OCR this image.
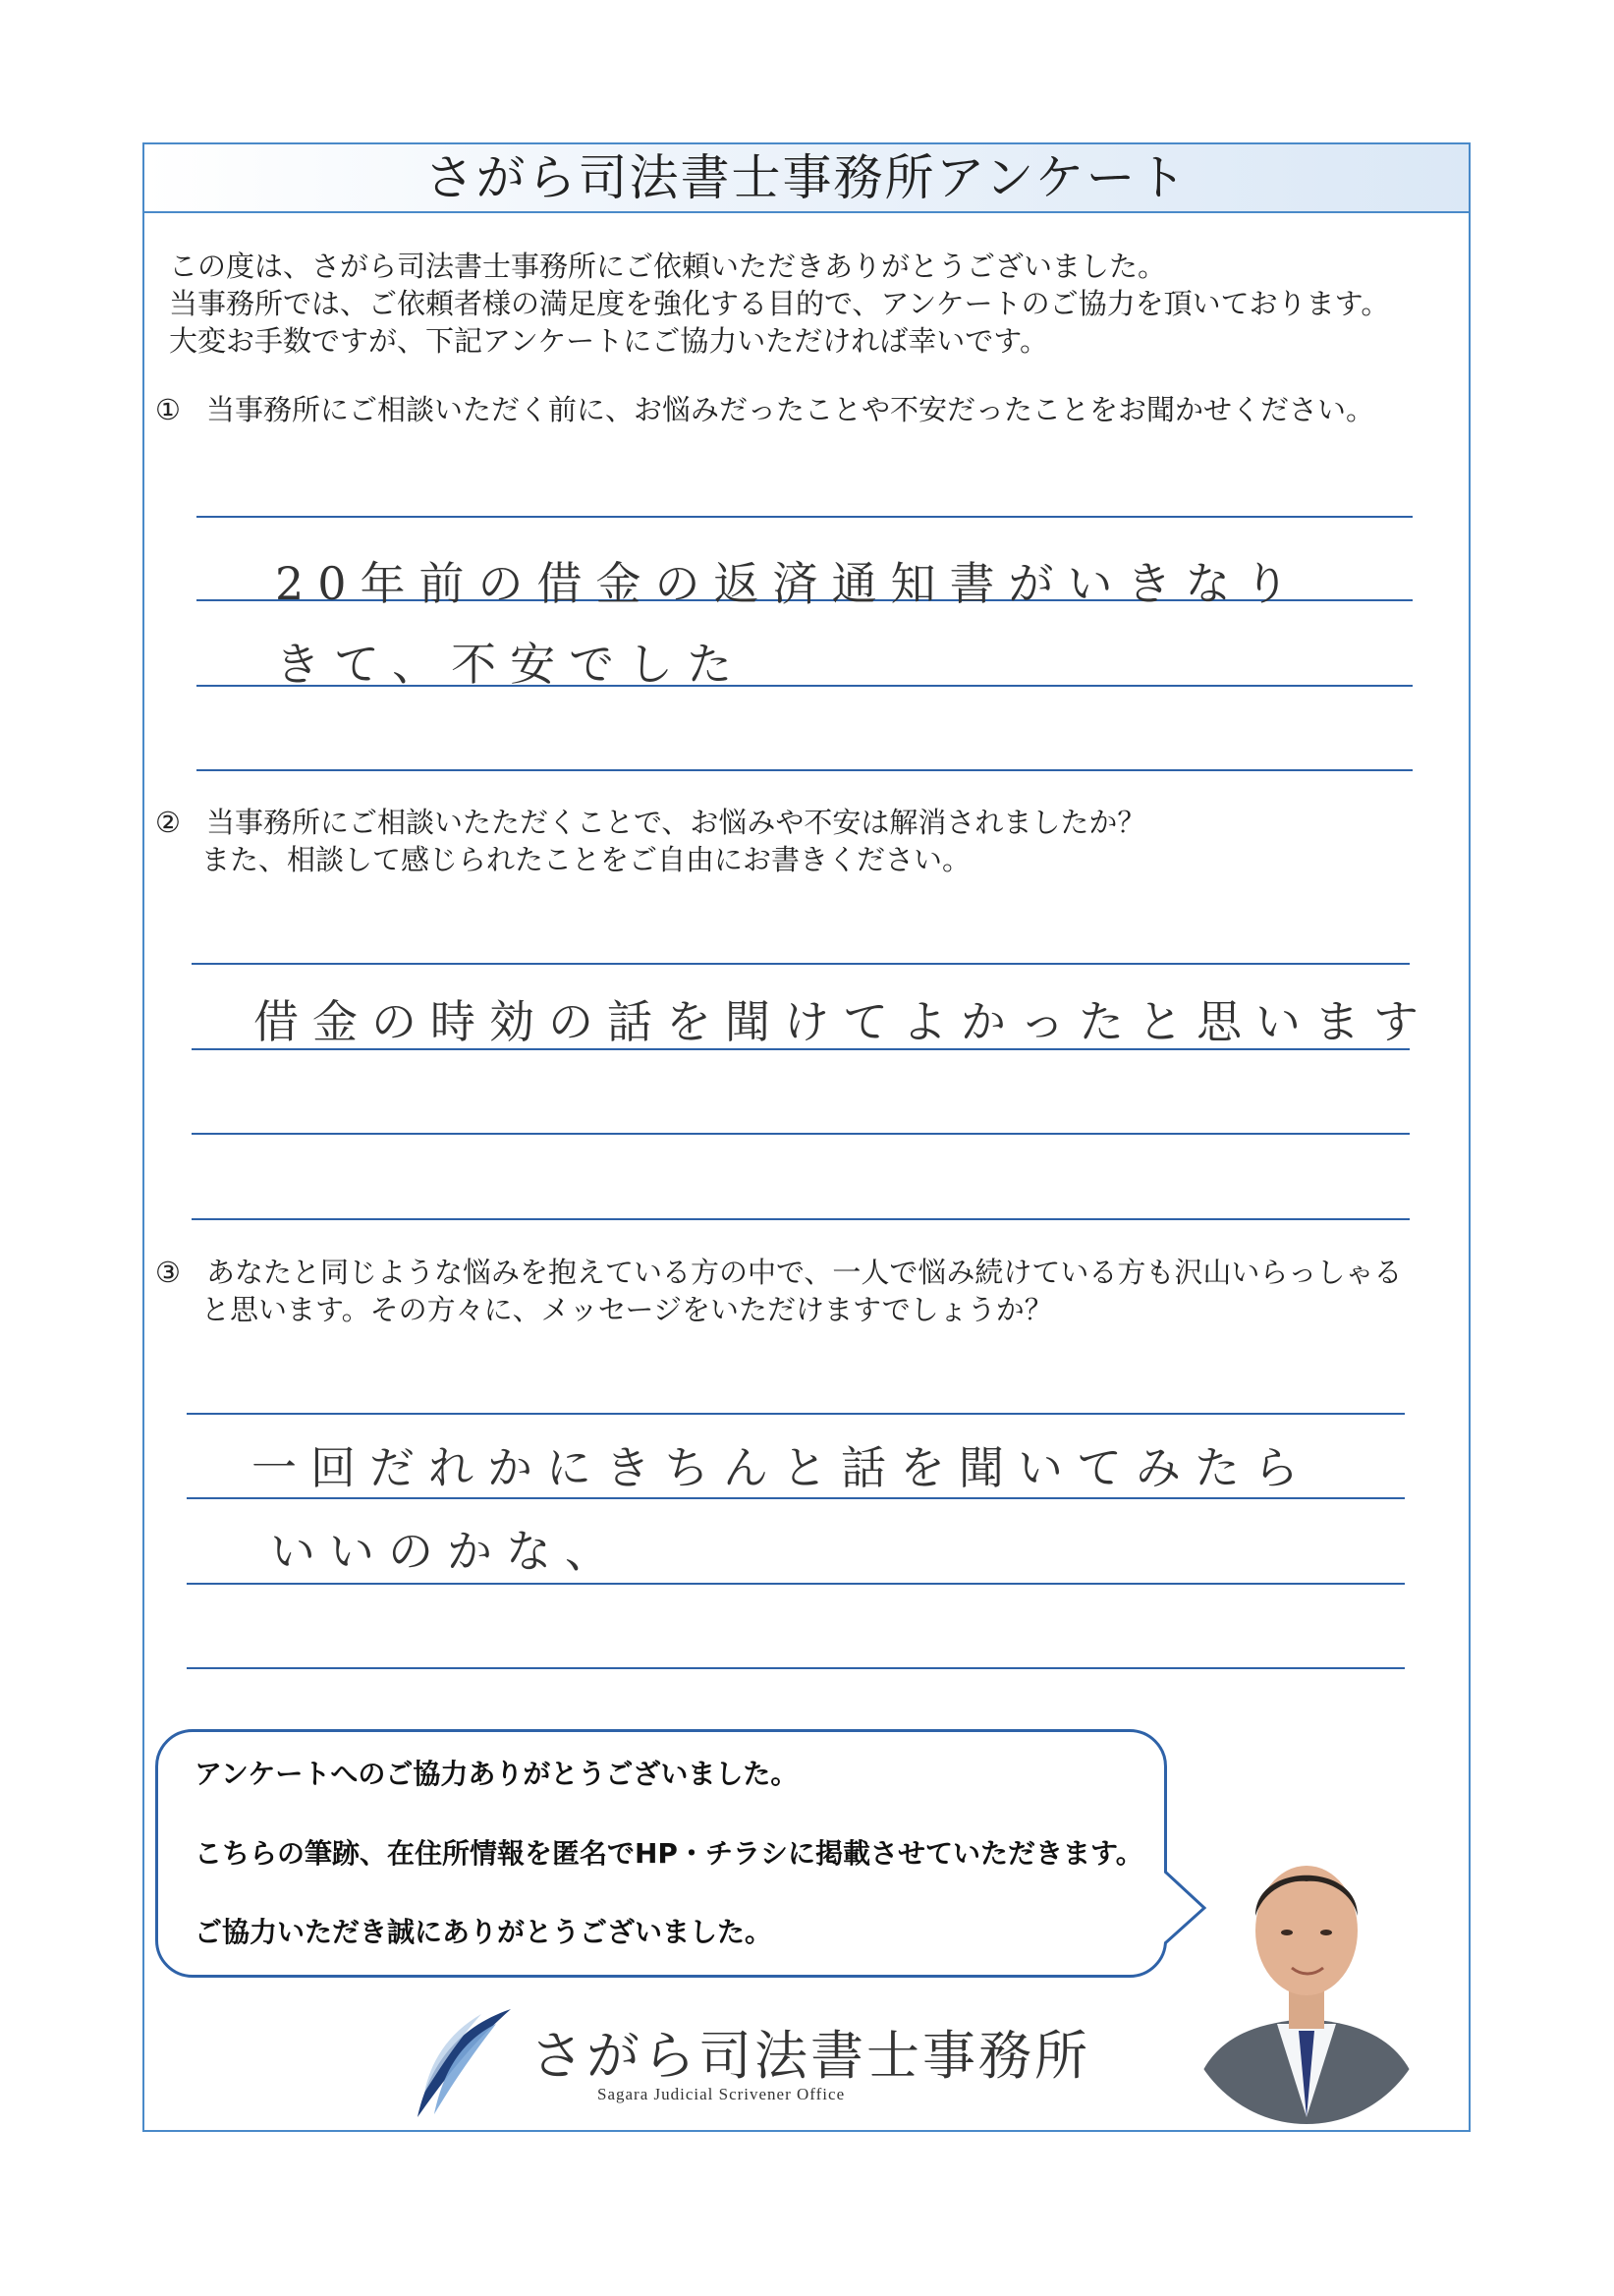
さがら司法書士事務所アンケート
この度は、さがら司法書士事務所にご依頼いただきありがとうございました。
当事務所では、ご依頼者様の満足度を強化する目的で、アンケートのご協力を頂いております。
大変お手数ですが、下記アンケートにご協力いただければ幸いです。
① 当事務所にご相談いただく前に、お悩みだったことや不安だったことをお聞かせください。
20年前の借金の返済通知書がいきなり
きて、不安でした
② 当事務所にご相談いたただくことで、お悩みや不安は解消されましたか？
また、相談して感じられたことをご自由にお書きください。
借金の時効の話を聞けてよかったと思います
③ あなたと同じような悩みを抱えている方の中で、一人で悩み続けている方も沢山いらっしゃる
と思います。その方々に、メッセージをいただけますでしょうか？
一回だれかにきちんと話を聞いてみたら
いいのかな、
アンケートへのご協力ありがとうございました。
こちらの筆跡、在住所情報を匿名でHP・チラシに掲載させていただきます。
ご協力いただき誠にありがとうございました。
さがら司法書士事務所
Sagara Judicial Scrivener Office
